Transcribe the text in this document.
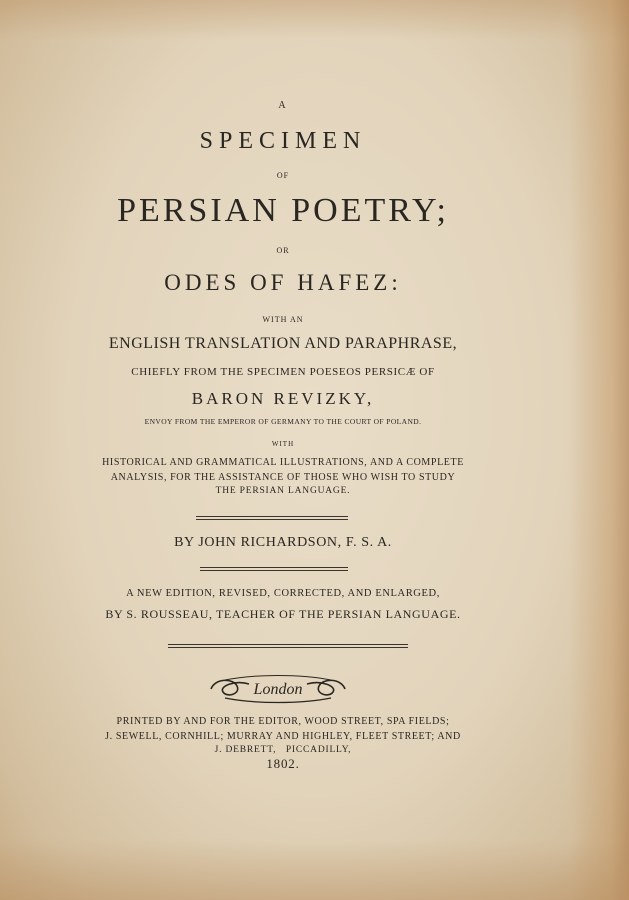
A
SPECIMEN
OF
PERSIAN POETRY;
OR
ODES OF HAFEZ:
WITH AN
ENGLISH TRANSLATION AND PARAPHRASE,
CHIEFLY FROM THE SPECIMEN POESEOS PERSICÆ OF
BARON REVIZKY,
ENVOY FROM THE EMPEROR OF GERMANY TO THE COURT OF POLAND.
WITH
HISTORICAL AND GRAMMATICAL ILLUSTRATIONS, AND A COMPLETE
ANALYSIS, FOR THE ASSISTANCE OF THOSE WHO WISH TO STUDY
THE PERSIAN LANGUAGE.
BY JOHN RICHARDSON, F. S. A.
A NEW EDITION, REVISED, CORRECTED, AND ENLARGED,
BY S. ROUSSEAU, TEACHER OF THE PERSIAN LANGUAGE.
London
PRINTED BY AND FOR THE EDITOR, WOOD STREET, SPA FIELDS;
J. SEWELL, CORNHILL; MURRAY AND HIGHLEY, FLEET STREET; AND
J. DEBRETT,   PICCADILLY,
1802.
